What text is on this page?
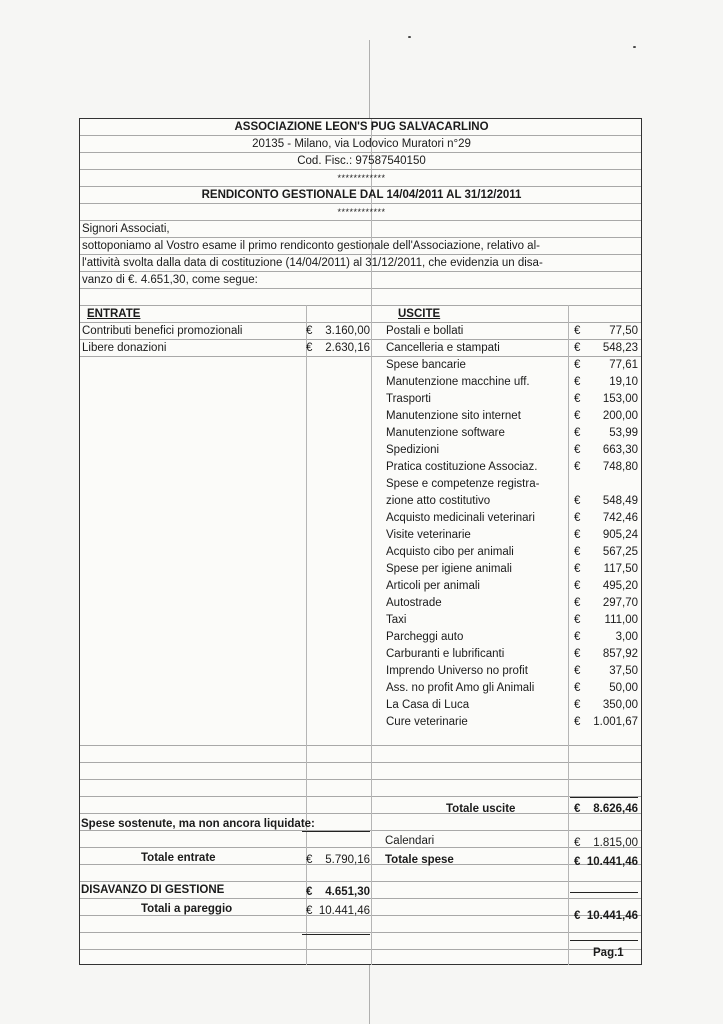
ASSOCIAZIONE LEON'S PUG SALVACARLINO
20135 - Milano, via Lodovico Muratori n°29
Cod. Fisc.: 97587540150
************
RENDICONTO GESTIONALE DAL 14/04/2011 AL 31/12/2011
************
Signori Associati,
sottoponiamo al Vostro esame il primo rendiconto gestionale dell'Associazione, relativo al-
l'attività svolta dalla data di costituzione (14/04/2011) al 31/12/2011, che evidenzia un disa-
vanzo di €. 4.651,30, come segue:
ENTRATE	USCITE
Contributi benefici promozionali	€	3.160,00
Libere donazioni	€	2.630,16
Postali e bollati	€	77,50
Cancelleria e stampati	€	548,23
Spese bancarie	€	77,61
Manutenzione macchine uff.	€	19,10
Trasporti	€	153,00
Manutenzione sito internet	€	200,00
Manutenzione software	€	53,99
Spedizioni	€	663,30
Pratica costituzione Associaz.	€	748,80
Spese e competenze registra-
zione atto costitutivo	€	548,49
Acquisto medicinali veterinari	€	742,46
Visite veterinarie	€	905,24
Acquisto cibo per animali	€	567,25
Spese per igiene animali	€	117,50
Articoli per animali	€	495,20
Autostrade	€	297,70
Taxi	€	111,00
Parcheggi auto	€	3,00
Carburanti e lubrificanti	€	857,92
Imprendo Universo no profit	€	37,50
Ass. no profit Amo gli Animali	€	50,00
La Casa di Luca	€	350,00
Cure veterinarie	€	1.001,67
Totale uscite	€	8.626,46
Spese sostenute, ma non ancora liquidate:
Calendari	€	1.815,00
Totale entrate	€	5.790,16 Totale spese	€ 10.441,46
DISAVANZO DI GESTIONE	€	4.651,30
Totali a pareggio	€ 10.441,46	€ 10.441,46
Pag.1
